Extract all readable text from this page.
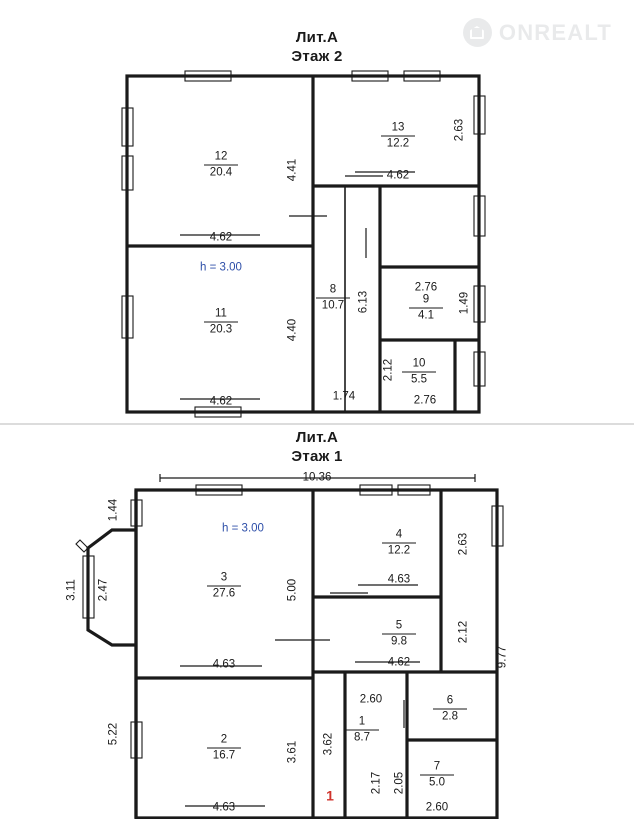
ONREALT
Лит.А
Этаж 2
Лит.А
Этаж 1
12
20.4
4.62
4.41
h = 3.00
11
20.3
4.62
4.40
13
12.2
4.62
2.63
8
10.7	6.13
1.74
2.76
9
4.1
1.49
10
5.5
2.12
2.76
10.36
1.44
3.11 2.47
h = 3.00
3
27.6
4.63
5.00
5.22	2
16.7
4.63
3.61
4
12.2	2.63
4.63
5
9.8	2.12
4.62	9.77
2.60
1
8.7
3.62
2.17 2.05
1
6
2.8
7
5.0
2.60
